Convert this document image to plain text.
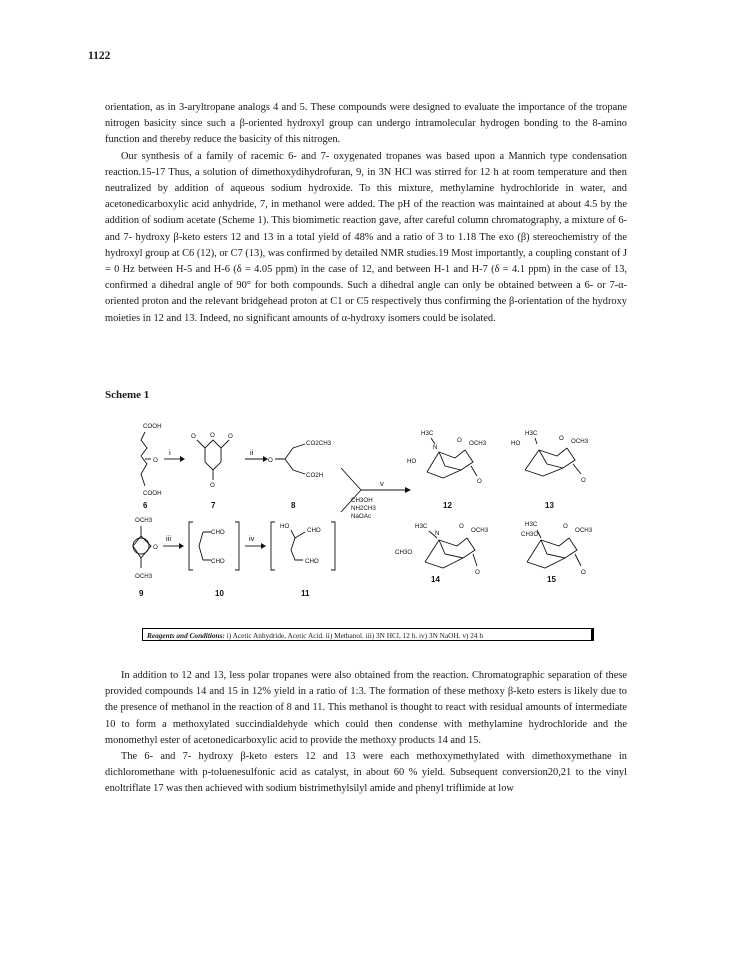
1122

orientation, as in 3-aryltropane analogs 4 and 5. These compounds were designed to evaluate the importance of the tropane nitrogen basicity since such a β-oriented hydroxyl group can undergo intramolecular hydrogen bonding to the 8-amino function and thereby reduce the basicity of this nitrogen.

Our synthesis of a family of racemic 6- and 7- oxygenated tropanes was based upon a Mannich type condensation reaction.15-17 Thus, a solution of dimethoxydihydrofuran, 9, in 3N HCl was stirred for 12 h at room temperature and then neutralized by addition of aqueous sodium hydroxide. To this mixture, methylamine hydrochloride in water, and acetonedicarboxylic acid anhydride, 7, in methanol were added. The pH of the reaction was maintained at about 4.5 by the addition of sodium acetate (Scheme 1). This biomimetic reaction gave, after careful column chromatography, a mixture of 6- and 7- hydroxy β-keto esters 12 and 13 in a total yield of 48% and a ratio of 3 to 1.18 The exo (β) stereochemistry of the hydroxyl group at C6 (12), or C7 (13), was confirmed by detailed NMR studies.19 Most importantly, a coupling constant of J = 0 Hz between H-5 and H-6 (δ = 4.05 ppm) in the case of 12, and between H-1 and H-7 (δ = 4.1 ppm) in the case of 13, confirmed a dihedral angle of 90° for both compounds. Such a dihedral angle can only be obtained between a 6- or 7-α-oriented proton and the relevant bridgehead proton at C1 or C5 respectively thus confirming the β-orientation of the hydroxy moieties in 12 and 13. Indeed, no significant amounts of α-hydroxy isomers could be isolated.

Scheme 1
COOH
COOH
O
i
O O O
O
ii
O
CO2CH3
CO2H
v
CH3OH
NH2CH3
NaOAc
H3C
N
O OCH3
HO
O
H3C
HO
O OCH3
O
6	7	8	12	13
OCH3
OCH3
O
iii
CHO
CHO
iv
HO
CHO
CHO
H3C
N
O
OCH3
CH3O
O
H3C
CH3O
O
OCH3
O
9	10	11
14	15
Reagents and Conditions: i) Acetic Anhydride, Acetic Acid. ii) Methanol. iii) 3N HCl, 12 h. iv) 3N NaOH. v) 24 h

In addition to 12 and 13, less polar tropanes were also obtained from the reaction. Chromatographic separation of these provided compounds 14 and 15 in 12% yield in a ratio of 1:3. The formation of these methoxy β-keto esters is likely due to the presence of methanol in the reaction of 8 and 11. This methanol is thought to react with residual amounts of intermediate 10 to form a methoxylated succindialdehyde which could then condense with methylamine hydrochloride and the monomethyl ester of acetonedicarboxylic acid to provide the methoxy products 14 and 15.

The 6- and 7- hydroxy β-keto esters 12 and 13 were each methoxymethylated with dimethoxymethane in dichloromethane with p-toluenesulfonic acid as catalyst, in about 60 % yield. Subsequent conversion20,21 to the vinyl enoltriflate 17 was then achieved with sodium bistrimethylsilyl amide and phenyl triflimide at low
